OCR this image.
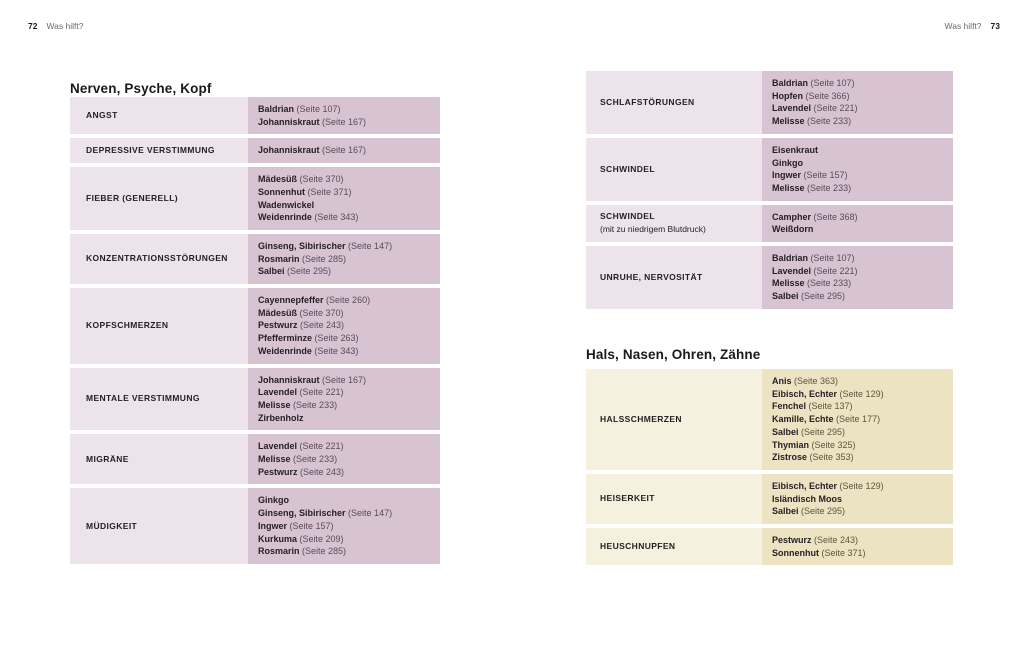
72 Was hilft?	Was hilft? 73
Nerven, Psyche, Kopf
ANGST
Baldrian (Seite 107)
Johanniskraut (Seite 167)
DEPRESSIVE VERSTIMMUNG	Johanniskraut (Seite 167)
FIEBER (GENERELL)
Mädesüß (Seite 370)
Sonnenhut (Seite 371)
Wadenwickel
Weidenrinde (Seite 343)
KONZENTRATIONSSTÖRUNGEN
Ginseng, Sibirischer (Seite 147)
Rosmarin (Seite 285)
Salbei (Seite 295)
KOPFSCHMERZEN
Cayennepfeffer (Seite 260)
Mädesüß (Seite 370)
Pestwurz (Seite 243)
Pfefferminze (Seite 263)
Weidenrinde (Seite 343)
MENTALE VERSTIMMUNG
Johanniskraut (Seite 167)
Lavendel (Seite 221)
Melisse (Seite 233)
Zirbenholz
MIGRÄNE
Lavendel (Seite 221)
Melisse (Seite 233)
Pestwurz (Seite 243)
MÜDIGKEIT
Ginkgo
Ginseng, Sibirischer (Seite 147)
Ingwer (Seite 157)
Kurkuma (Seite 209)
Rosmarin (Seite 285)
SCHLAFSTÖRUNGEN
Baldrian (Seite 107)
Hopfen (Seite 366)
Lavendel (Seite 221)
Melisse (Seite 233)
SCHWINDEL
Eisenkraut
Ginkgo
Ingwer (Seite 157)
Melisse (Seite 233)
SCHWINDEL
(mit zu niedrigem Blutdruck)
Campher (Seite 368)
Weißdorn
UNRUHE, NERVOSITÄT
Baldrian (Seite 107)
Lavendel (Seite 221)
Melisse (Seite 233)
Salbei (Seite 295)
Hals, Nasen, Ohren, Zähne
HALSSCHMERZEN
Anis (Seite 363)
Eibisch, Echter (Seite 129)
Fenchel (Seite 137)
Kamille, Echte (Seite 177)
Salbei (Seite 295)
Thymian (Seite 325)
Zistrose (Seite 353)
HEISERKEIT
Eibisch, Echter (Seite 129)
Isländisch Moos
Salbei (Seite 295)
HEUSCHNUPFEN
Pestwurz (Seite 243)
Sonnenhut (Seite 371)
